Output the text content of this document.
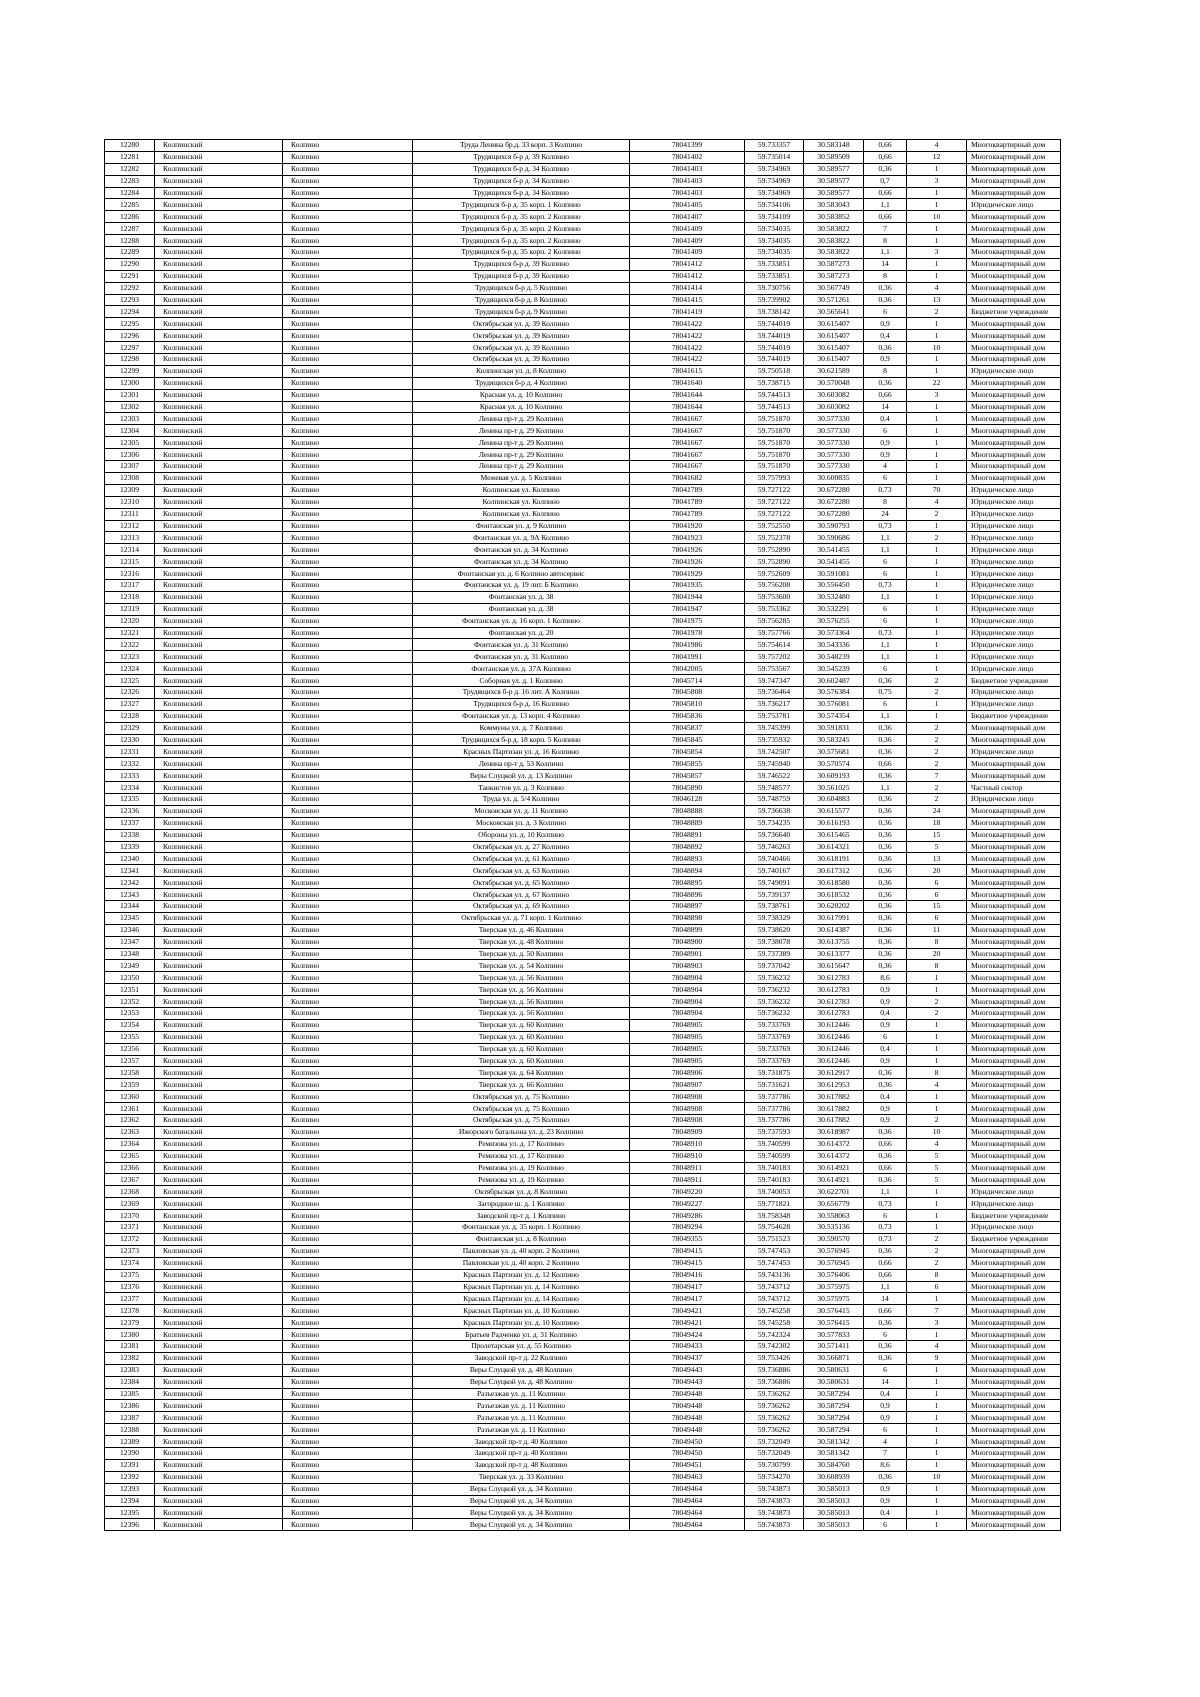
12280	Колпинский	Колпино	Труда Ленина бр.д. 33 корп. 3 Колпино	78041399	59.733357	30.583148	0,66	4	Многоквартирный дом
12281	Колпинский	Колпино	Трудящихся б-р д. 39 Колпино	78041402	59.735014	30.589509	0,66	12	Многоквартирный дом
12282	Колпинский	Колпино	Трудящихся б-р д. 34 Колпино	78041403	59.734969	30.589577	0,36	1	Многоквартирный дом
12283	Колпинский	Колпино	Трудящихся б-р д. 34 Колпино	78041403	59.734969	30.589577	0,7	3	Многоквартирный дом
12284	Колпинский	Колпино	Трудящихся б-р д. 34 Колпино	78041403	59.734969	30.589577	0,66	1	Многоквартирный дом
12285	Колпинский	Колпино	Трудящихся б-р д. 35 корп. 1 Колпино	78041405	59.734106	30.583043	1,1	1	Юридическое лицо
12286	Колпинский	Колпино	Трудящихся б-р д. 35 корп. 2 Колпино	78041407	59.734109	30.583852	0,66	10	Многоквартирный дом
12287	Колпинский	Колпино	Трудящихся б-р д. 35 корп. 2 Колпино	78041409	59.734035	30.583822	7	1	Многоквартирный дом
12288	Колпинский	Колпино	Трудящихся б-р д. 35 корп. 2 Колпино	78041409	59.734035	30.583822	8	1	Многоквартирный дом
12289	Колпинский	Колпино	Трудящихся б-р д. 35 корп. 2 Колпино	78041409	59.734035	30.583822	1,1	3	Многоквартирный дом
12290	Колпинский	Колпино	Трудящихся б-р д. 39 Колпино	78041412	59.733851	30.587273	14	1	Многоквартирный дом
12291	Колпинский	Колпино	Трудящихся б-р д. 39 Колпино	78041412	59.733851	30.587273	8	1	Многоквартирный дом
12292	Колпинский	Колпино	Трудящихся б-р д. 5 Колпино	78041414	59.730756	30.567749	0,36	4	Многоквартирный дом
12293	Колпинский	Колпино	Трудящихся б-р д. 8 Колпино	78041415	59.739902	30.571261	0,36	13	Многоквартирный дом
12294	Колпинский	Колпино	Трудящихся б-р д. 9 Колпино	78041419	59.738142	30.565641	6	2	Бюджетное учреждение
12295	Колпинский	Колпино	Октябрьская ул. д. 39 Колпино	78041422	59.744019	30.615407	0,9	1	Многоквартирный дом
12296	Колпинский	Колпино	Октябрьская ул. д. 39 Колпино	78041422	59.744019	30.615407	0,4	1	Многоквартирный дом
12297	Колпинский	Колпино	Октябрьская ул. д. 39 Колпино	78041422	59.744019	30.615407	0,36	10	Многоквартирный дом
12298	Колпинский	Колпино	Октябрьская ул. д. 39 Колпино	78041422	59.744019	30.615407	0,9	1	Многоквартирный дом
12299	Колпинский	Колпино	Колпинская ул. д. 8 Колпино	78041615	59.750518	30.621589	8	1	Юридическое лицо
12300	Колпинский	Колпино	Трудящихся б-р д. 4 Колпино	78041640	59.738715	30.570048	0,36	22	Многоквартирный дом
12301	Колпинский	Колпино	Красная ул. д. 10 Колпино	78041644	59.744513	30.603082	0,66	3	Многоквартирный дом
12302	Колпинский	Колпино	Красная ул. д. 10 Колпино	78041644	59.744513	30.603082	14	1	Многоквартирный дом
12303	Колпинский	Колпино	Ленина пр-т д. 29 Колпино	78041667	59.751870	30.577330	0,4	1	Многоквартирный дом
12304	Колпинский	Колпино	Ленина пр-т д. 29 Колпино	78041667	59.751870	30.577330	6	1	Многоквартирный дом
12305	Колпинский	Колпино	Ленина пр-т д. 29 Колпино	78041667	59.751870	30.577330	0,9	1	Многоквартирный дом
12306	Колпинский	Колпино	Ленина пр-т д. 29 Колпино	78041667	59.751870	30.577330	0,9	1	Многоквартирный дом
12307	Колпинский	Колпино	Ленина пр-т д. 29 Колпино	78041667	59.751870	30.577330	4	1	Многоквартирный дом
12308	Колпинский	Колпино	Межевая ул. д. 5 Колпино	78041682	59.757993	30.600835	6	1	Многоквартирный дом
12309	Колпинский	Колпино	Колпинская ул. Колпино	78041789	59.727122	30.672280	0,73	70	Юридическое лицо
12310	Колпинский	Колпино	Колпинская ул. Колпино	78041789	59.727122	30.672280	8	4	Юридическое лицо
12311	Колпинский	Колпино	Колпинская ул. Колпино	78041789	59.727122	30.672280	24	2	Юридическое лицо
12312	Колпинский	Колпино	Фонтанская ул. д. 9 Колпино	78041920	59.752550	30.590793	0,73	1	Юридическое лицо
12313	Колпинский	Колпино	Фонтанская ул. д. 9А Колпино	78041923	59.752378	30.590686	1,1	2	Юридическое лицо
12314	Колпинский	Колпино	Фонтанская ул. д. 34 Колпино	78041926	59.752890	30.541455	1,1	1	Юридическое лицо
12315	Колпинский	Колпино	Фонтанская ул. д. 34 Колпино	78041926	59.752890	30.541455	6	1	Юридическое лицо
12316	Колпинский	Колпино	Фонтанская ул. д. 6 Колпино автосервис	78041929	59.752609	30.591081	6	1	Юридическое лицо
12317	Колпинский	Колпино	Фонтанская ул. д. 19 лит. Б Колпино	78041935	59.756208	30.556450	0,73	1	Юридическое лицо
12318	Колпинский	Колпино	Фонтанская ул. д. 38	78041944	59.753600	30.532480	1,1	1	Юридическое лицо
12319	Колпинский	Колпино	Фонтанская ул. д. 38	78041947	59.753362	30.532291	6	1	Юридическое лицо
12320	Колпинский	Колпино	Фонтанская ул. д. 16 корп. 1 Колпино	78041975	59.756285	30.576255	6	1	Юридическое лицо
12321	Колпинский	Колпино	Фонтанская ул. д. 20	78041978	59.757766	30.573364	0,73	1	Юридическое лицо
12322	Колпинский	Колпино	Фонтанская ул. д. 31 Колпино	78041986	59.754614	30.543336	1,1	1	Юридическое лицо
12323	Колпинский	Колпино	Фонтанская ул. д. 31 Колпино	78041991	59.757202	30.548239	1,1	1	Юридическое лицо
12324	Колпинский	Колпино	Фонтанская ул. д. 37А Колпино	78042005	59.753567	30.545239	6	1	Юридическое лицо
12325	Колпинский	Колпино	Соборная ул. д. 1 Колпино	78045714	59.747347	30.602487	0,36	2	Бюджетное учреждение
12326	Колпинский	Колпино	Трудящихся б-р д. 16 лит. А Колпино	78045808	59.736464	30.576384	0,75	2	Юридическое лицо
12327	Колпинский	Колпино	Трудящихся б-р д. 16 Колпино	78045810	59.736217	30.576081	6	1	Юридическое лицо
12328	Колпинский	Колпино	Фонтанская ул. д. 13 корп. 4 Колпино	78045836	59.753781	30.574354	1,1	1	Бюджетное учреждение
12329	Колпинский	Колпино	Коммуны ул. д. 7 Колпино	78045837	59.745399	30.591831	0,36	2	Многоквартирный дом
12330	Колпинский	Колпино	Трудящихся б-р д. 18 корп. 5 Колпино	78045845	59.735932	30.583245	0,36	2	Многоквартирный дом
12331	Колпинский	Колпино	Красных Партизан ул. д. 16 Колпино	78045854	59.742507	30.575681	0,36	2	Юридическое лицо
12332	Колпинский	Колпино	Ленина пр-т д. 53 Колпино	78045855	59.745940	30.570574	0,66	2	Многоквартирный дом
12333	Колпинский	Колпино	Веры Слуцкой ул. д. 13 Колпино	78045857	59.746522	30.609193	0,36	7	Многоквартирный дом
12334	Колпинский	Колпино	Танкистов ул. д. 3 Колпино	78045890	59.748577	30.561025	1,1	2	Частный сектор
12335	Колпинский	Колпино	Труда ул. д. 5/4 Колпино	78046128	59.748759	30.604883	0,36	2	Юридическое лицо
12336	Колпинский	Колпино	Московская ул. д. 11 Колпино	78048888	59.736638	30.615577	0,36	24	Многоквартирный дом
12337	Колпинский	Колпино	Московская ул. д. 3 Колпино	78048889	59.734235	30.616193	0,36	18	Многоквартирный дом
12338	Колпинский	Колпино	Обороны ул. д. 10 Колпино	78048891	59.736640	30.615465	0,36	15	Многоквартирный дом
12339	Колпинский	Колпино	Октябрьская ул. д. 27 Колпино	78048892	59.746263	30.614321	0,36	5	Многоквартирный дом
12340	Колпинский	Колпино	Октябрьская ул. д. 61 Колпино	78048893	59.740466	30.618191	0,36	13	Многоквартирный дом
12341	Колпинский	Колпино	Октябрьская ул. д. 63 Колпино	78048894	59.740167	30.617312	0,36	20	Многоквартирный дом
12342	Колпинский	Колпино	Октябрьская ул. д. 65 Колпино	78048895	59.749091	30.618580	0,36	6	Многоквартирный дом
12343	Колпинский	Колпино	Октябрьская ул. д. 67 Колпино	78048896	59.739137	30.618532	0,36	6	Многоквартирный дом
12344	Колпинский	Колпино	Октябрьская ул. д. 69 Колпино	78048897	59.738761	30.620202	0,36	15	Многоквартирный дом
12345	Колпинский	Колпино	Октябрьская ул. д. 71 корп. 1 Колпино	78048898	59.738329	30.617991	0,36	6	Многоквартирный дом
12346	Колпинский	Колпино	Тверская ул. д. 46 Колпино	78048899	59.738620	30.614387	0,36	11	Многоквартирный дом
12347	Колпинский	Колпино	Тверская ул. д. 48 Колпино	78048900	59.738078	30.613755	0,36	8	Многоквартирный дом
12348	Колпинский	Колпино	Тверская ул. д. 50 Колпино	78048901	59.737389	30.613377	0,36	20	Многоквартирный дом
12349	Колпинский	Колпино	Тверская ул. д. 54 Колпино	78048903	59.737042	30.615647	0,36	8	Многоквартирный дом
12350	Колпинский	Колпино	Тверская ул. д. 56 Колпино	78048904	59.736232	30.612783	8,6	1	Многоквартирный дом
12351	Колпинский	Колпино	Тверская ул. д. 56 Колпино	78048904	59.736232	30.612783	0,9	1	Многоквартирный дом
12352	Колпинский	Колпино	Тверская ул. д. 56 Колпино	78048904	59.736232	30.612783	0,9	2	Многоквартирный дом
12353	Колпинский	Колпино	Тверская ул. д. 56 Колпино	78048904	59.736232	30.612783	0,4	2	Многоквартирный дом
12354	Колпинский	Колпино	Тверская ул. д. 60 Колпино	78048905	59.733769	30.612446	0,9	1	Многоквартирный дом
12355	Колпинский	Колпино	Тверская ул. д. 60 Колпино	78048905	59.733769	30.612446	6	1	Многоквартирный дом
12356	Колпинский	Колпино	Тверская ул. д. 60 Колпино	78048905	59.733769	30.612446	0,4	1	Многоквартирный дом
12357	Колпинский	Колпино	Тверская ул. д. 60 Колпино	78048905	59.733769	30.612446	0,9	1	Многоквартирный дом
12358	Колпинский	Колпино	Тверская ул. д. 64 Колпино	78048906	59.731875	30.612917	0,36	8	Многоквартирный дом
12359	Колпинский	Колпино	Тверская ул. д. 66 Колпино	78048907	59.731621	30.612953	0,36	4	Многоквартирный дом
12360	Колпинский	Колпино	Октябрьская ул. д. 75 Колпино	78048908	59.737786	30.617882	0,4	1	Многоквартирный дом
12361	Колпинский	Колпино	Октябрьская ул. д. 75 Колпино	78048908	59.737786	30.617882	0,9	1	Многоквартирный дом
12362	Колпинский	Колпино	Октябрьская ул. д. 75 Колпино	78048908	59.737786	30.617882	0,9	2	Многоквартирный дом
12363	Колпинский	Колпино	Ижорского батальона ул. д. 23 Колпино	78048909	59.737593	30.618987	0,36	10	Многоквартирный дом
12364	Колпинский	Колпино	Ремизова ул. д. 17 Колпино	78048910	59.740599	30.614372	0,66	4	Многоквартирный дом
12365	Колпинский	Колпино	Ремизова ул. д. 17 Колпино	78048910	59.740599	30.614372	0,36	5	Многоквартирный дом
12366	Колпинский	Колпино	Ремизова ул. д. 19 Колпино	78048911	59.740183	30.614921	0,66	5	Многоквартирный дом
12367	Колпинский	Колпино	Ремизова ул. д. 19 Колпино	78048911	59.740183	30.614921	0,36	5	Многоквартирный дом
12368	Колпинский	Колпино	Октябрьская ул. д. 8 Колпино	78049220	59.740053	30.622701	1,1	1	Юридическое лицо
12369	Колпинский	Колпино	Загородное ш. д. 1 Колпино	78049227	59.771821	30.656779	0,73	1	Юридическое лицо
12370	Колпинский	Колпино	Заводской пр-т д. 1 Колпино	78049286	59.758348	30.558063	6	1	Бюджетное учреждение
12371	Колпинский	Колпино	Фонтанская ул. д. 35 корп. 1 Колпино	78049294	59.754628	30.535136	0,73	1	Юридическое лицо
12372	Колпинский	Колпино	Фонтанская ул. д. 8 Колпино	78049355	59.751523	30.590570	0,73	2	Бюджетное учреждение
12373	Колпинский	Колпино	Павловская ул. д. 40 корп. 2 Колпино	78049415	59.747453	30.576945	0,36	2	Многоквартирный дом
12374	Колпинский	Колпино	Павловская ул. д. 40 корп. 2 Колпино	78049415	59.747453	30.576945	0,66	2	Многоквартирный дом
12375	Колпинский	Колпино	Красных Партизан ул. д. 12 Колпино	78049416	59.743136	30.576406	0,66	8	Многоквартирный дом
12376	Колпинский	Колпино	Красных Партизан ул. д. 14 Колпино	78049417	59.743712	30.575975	1,1	6	Многоквартирный дом
12377	Колпинский	Колпино	Красных Партизан ул. д. 14 Колпино	78049417	59.743712	30.575975	14	1	Многоквартирный дом
12378	Колпинский	Колпино	Красных Партизан ул. д. 10 Колпино	78049421	59.745258	30.576415	0,66	7	Многоквартирный дом
12379	Колпинский	Колпино	Красных Партизан ул. д. 10 Колпино	78049421	59.745258	30.576415	0,36	3	Многоквартирный дом
12380	Колпинский	Колпино	Братьев Радченко ул. д. 31 Колпино	78049424	59.742324	30.577833	6	1	Многоквартирный дом
12381	Колпинский	Колпино	Пролетарская ул. д. 55 Колпино	78049433	59.742302	30.571411	0,36	4	Многоквартирный дом
12382	Колпинский	Колпино	Заводской пр-т д. 22 Колпино	78049437	59.753426	30.566871	0,36	9	Многоквартирный дом
12383	Колпинский	Колпино	Веры Слуцкой ул. д. 48 Колпино	78049443	59.736886	30.580631	6	1	Многоквартирный дом
12384	Колпинский	Колпино	Веры Слуцкой ул. д. 48 Колпино	78049443	59.736886	30.580631	14	1	Многоквартирный дом
12385	Колпинский	Колпино	Разъезжая ул. д. 11 Колпино	78049448	59.736262	30.587294	0,4	1	Многоквартирный дом
12386	Колпинский	Колпино	Разъезжая ул. д. 11 Колпино	78049448	59.736262	30.587294	0,9	1	Многоквартирный дом
12387	Колпинский	Колпино	Разъезжая ул. д. 11 Колпино	78049448	59.736262	30.587294	0,9	1	Многоквартирный дом
12388	Колпинский	Колпино	Разъезжая ул. д. 11 Колпино	78049448	59.736262	30.587294	6	1	Многоквартирный дом
12389	Колпинский	Колпино	Заводской пр-т д. 40 Колпино	78049450	59.732049	30.581342	4	1	Многоквартирный дом
12390	Колпинский	Колпино	Заводской пр-т д. 40 Колпино	78049450	59.732049	30.581342	7	1	Многоквартирный дом
12391	Колпинский	Колпино	Заводской пр-т д. 48 Колпино	78049451	59.730799	30.584760	8,6	1	Многоквартирный дом
12392	Колпинский	Колпино	Тверская ул. д. 33 Колпино	78049463	59.734270	30.608939	0,36	10	Многоквартирный дом
12393	Колпинский	Колпино	Веры Слуцкой ул. д. 34 Колпино	78049464	59.743873	30.585013	0,9	1	Многоквартирный дом
12394	Колпинский	Колпино	Веры Слуцкой ул. д. 34 Колпино	78049464	59.743873	30.585013	0,9	1	Многоквартирный дом
12395	Колпинский	Колпино	Веры Слуцкой ул. д. 34 Колпино	78049464	59.743873	30.585013	0,4	1	Многоквартирный дом
12396	Колпинский	Колпино	Веры Слуцкой ул. д. 34 Колпино	78049464	59.743873	30.585013	6	1	Многоквартирный дом
